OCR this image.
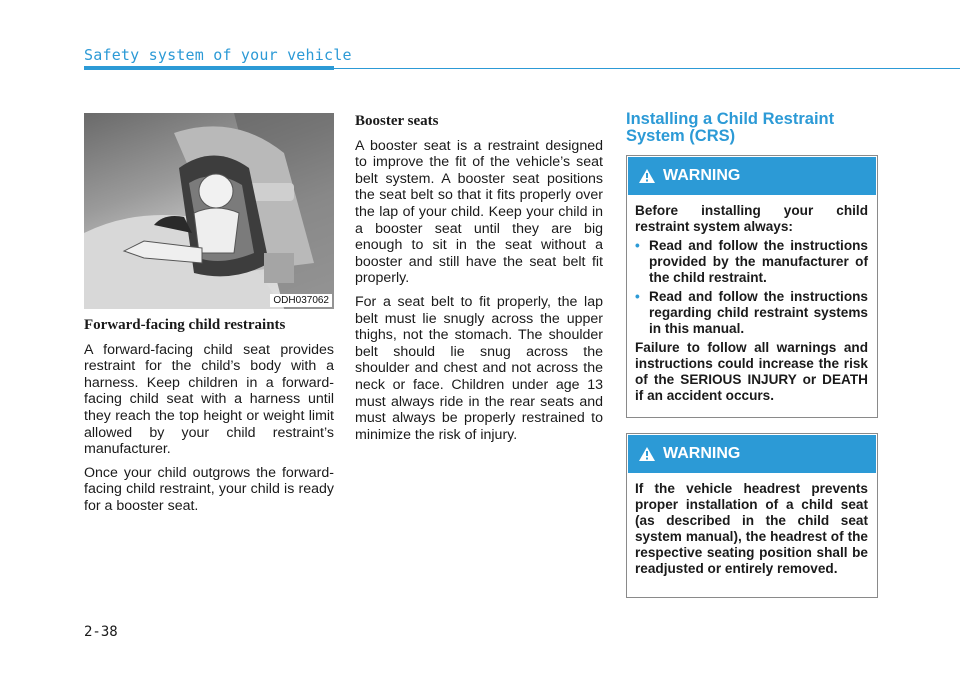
Safety system of your vehicle
ODH037062
Forward-facing child restraints

A forward-facing child seat provides restraint for the child’s body with a harness. Keep children in a forward-facing child seat with a harness until they reach the top height or weight limit allowed by your child restraint’s manufacturer.

Once your child outgrows the forward-facing child restraint, your child is ready for a booster seat.

Booster seats

A booster seat is a restraint designed to improve the fit of the vehicle’s seat belt system. A booster seat positions the seat belt so that it fits properly over the lap of your child. Keep your child in a booster seat until they are big enough to sit in the seat without a booster and still have the seat belt fit properly.

For a seat belt to fit properly, the lap belt must lie snugly across the upper thighs, not the stomach. The shoulder belt should lie snug across the shoulder and chest and not across the neck or face. Children under age 13 must always ride in the rear seats and must always be properly restrained to minimize the risk of injury.

Installing a Child Restraint System (CRS)
WARNING

Before installing your child restraint system always:

• Read and follow the instructions provided by the manufacturer of the child restraint.
• Read and follow the instructions regarding child restraint systems in this manual.

Failure to follow all warnings and instructions could increase the risk of the SERIOUS INJURY or DEATH if an accident occurs.

WARNING

If the vehicle headrest prevents proper installation of a child seat (as described in the child seat system manual), the headrest of the respective seating position shall be readjusted or entirely removed.

2-38
